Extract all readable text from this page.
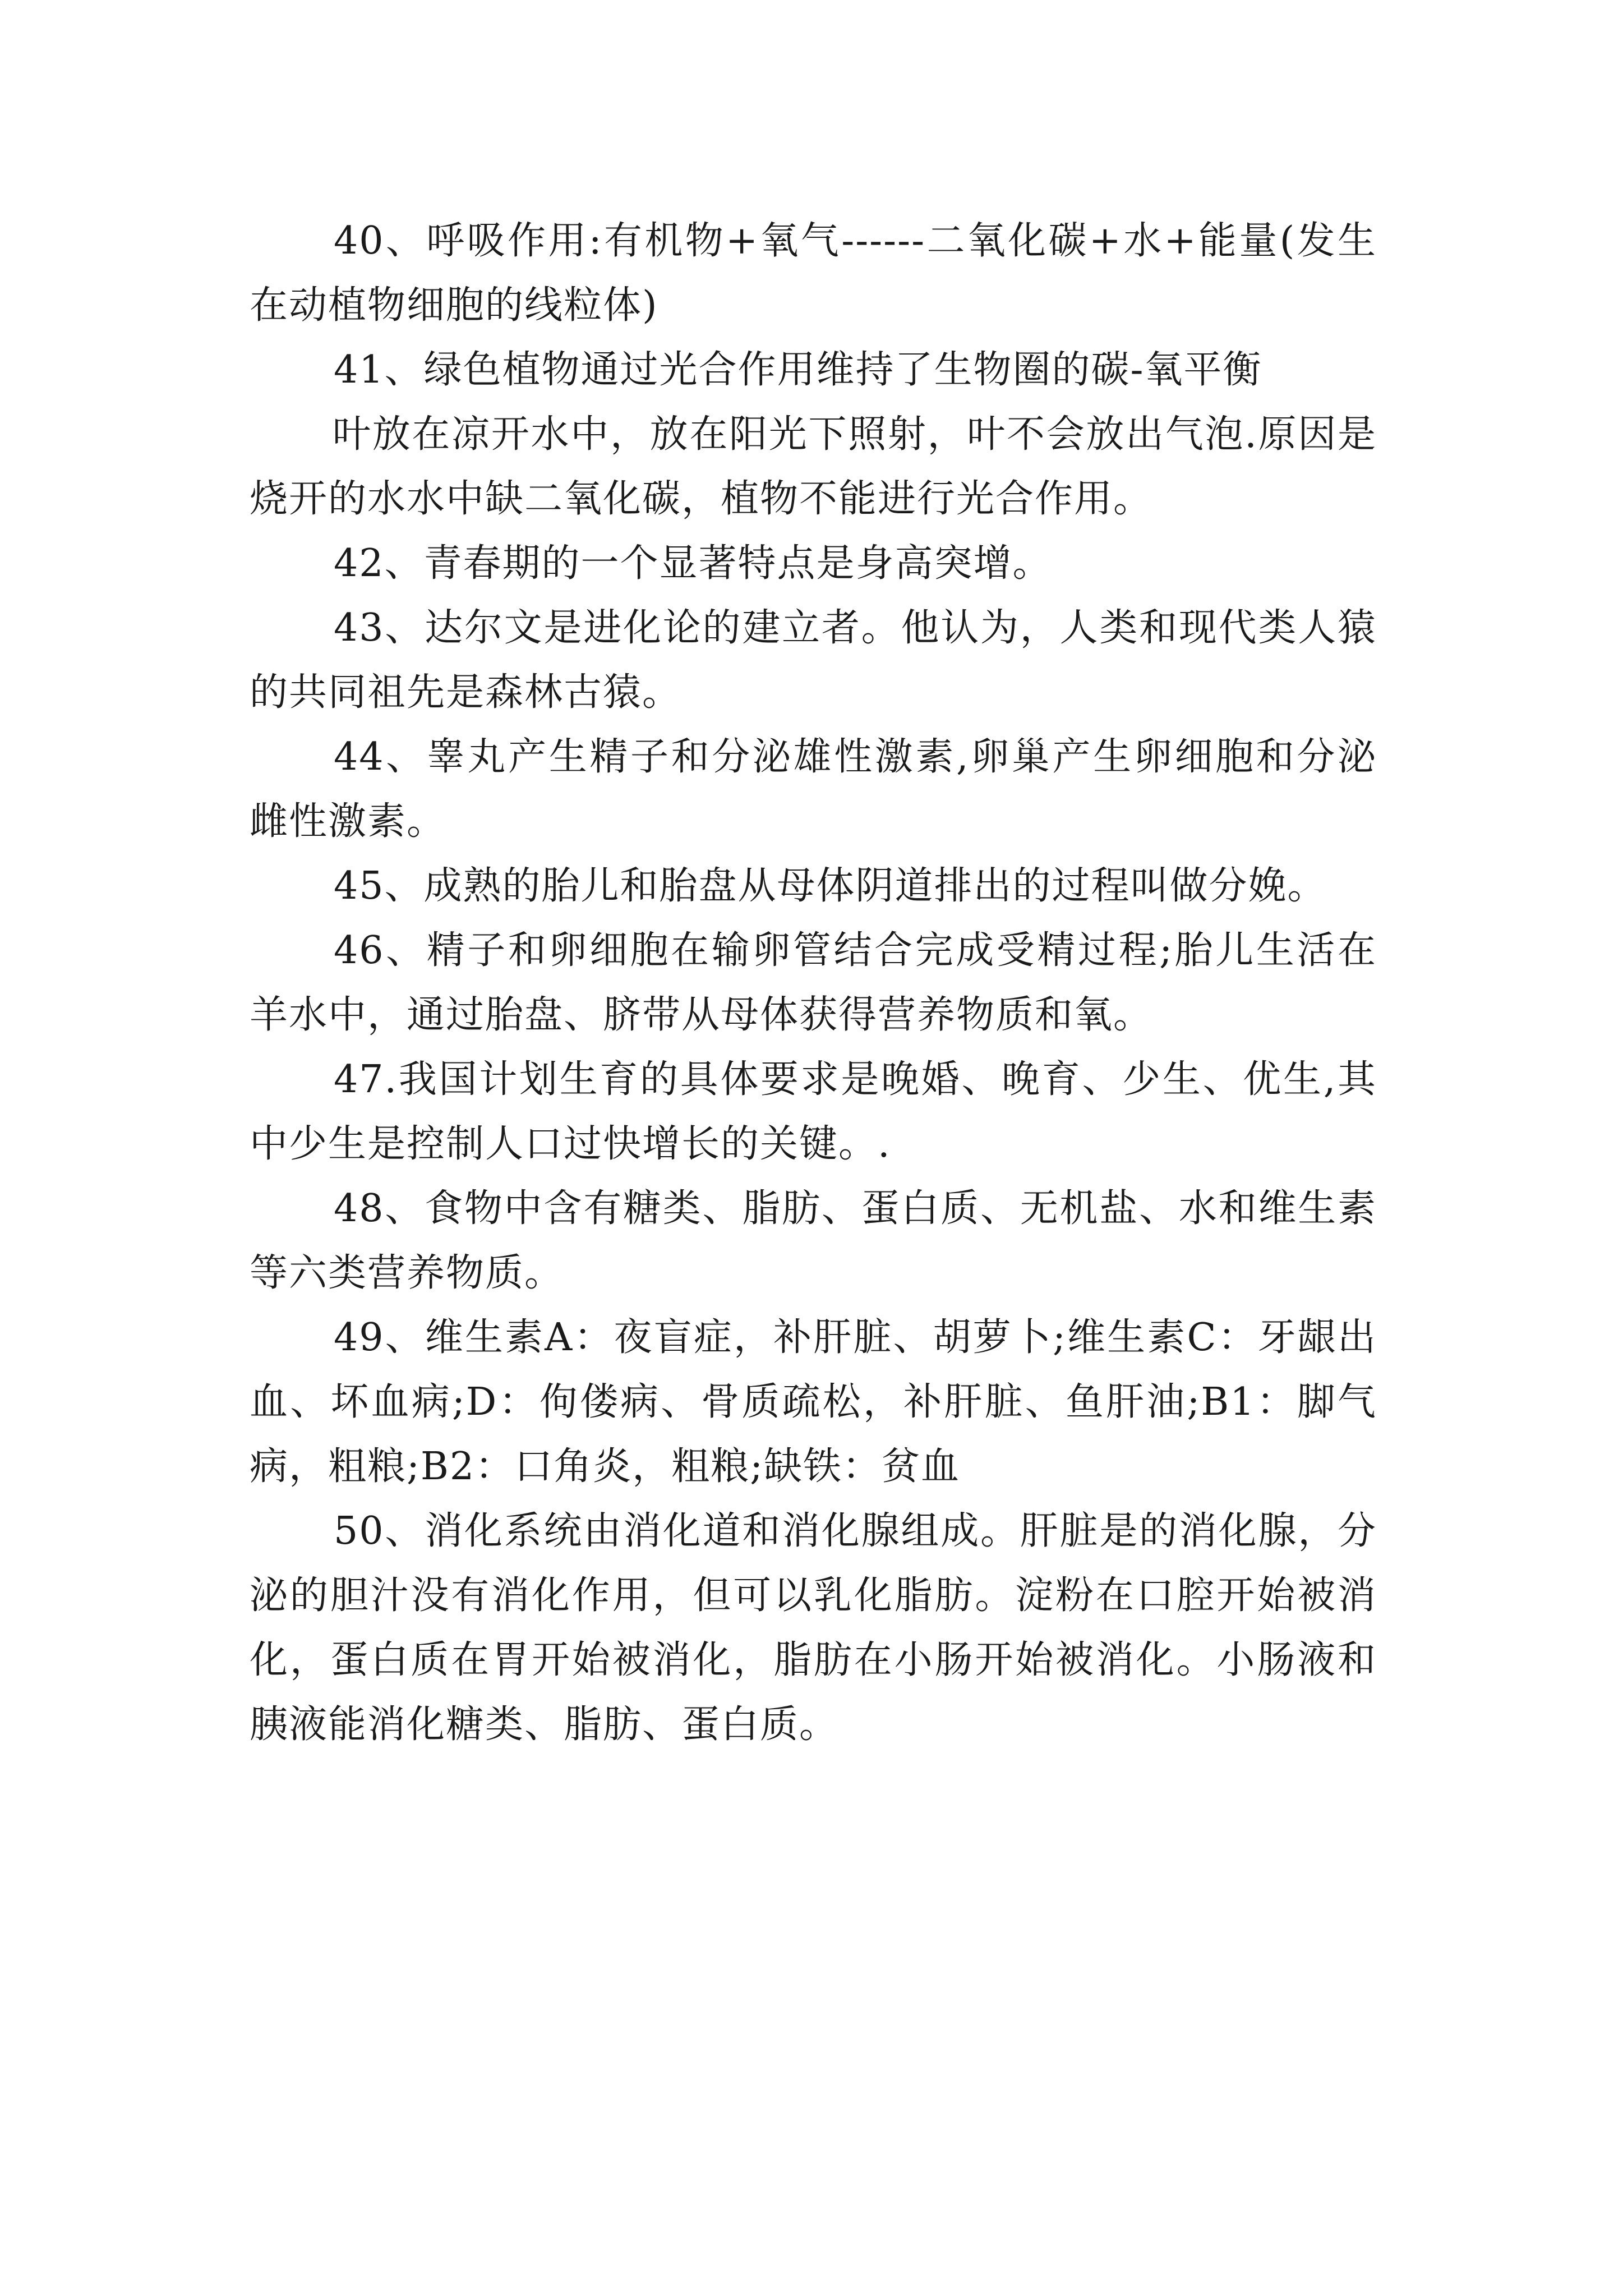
40、呼吸作用:有机物+氧气------二氧化碳+水+能量(发生在动植物细胞的线粒体)

41、绿色植物通过光合作用维持了生物圈的碳-氧平衡

叶放在凉开水中，放在阳光下照射，叶不会放出气泡.原因是烧开的水水中缺二氧化碳，植物不能进行光合作用。

42、青春期的一个显著特点是身高突增。

43、达尔文是进化论的建立者。他认为，人类和现代类人猿的共同祖先是森林古猿。

44、睾丸产生精子和分泌雄性激素,卵巢产生卵细胞和分泌雌性激素。

45、成熟的胎儿和胎盘从母体阴道排出的过程叫做分娩。

46、精子和卵细胞在输卵管结合完成受精过程;胎儿生活在羊水中，通过胎盘、脐带从母体获得营养物质和氧。

47.我国计划生育的具体要求是晚婚、晚育、少生、优生,其中少生是控制人口过快增长的关键。.

48、食物中含有糖类、脂肪、蛋白质、无机盐、水和维生素等六类营养物质。

49、维生素A：夜盲症，补肝脏、胡萝卜;维生素C：牙龈出血、坏血病;D：佝偻病、骨质疏松，补肝脏、鱼肝油;B1：脚气病，粗粮;B2：口角炎，粗粮;缺铁：贫血

50、消化系统由消化道和消化腺组成。肝脏是的消化腺，分泌的胆汁没有消化作用，但可以乳化脂肪。淀粉在口腔开始被消化，蛋白质在胃开始被消化，脂肪在小肠开始被消化。小肠液和胰液能消化糖类、脂肪、蛋白质。
